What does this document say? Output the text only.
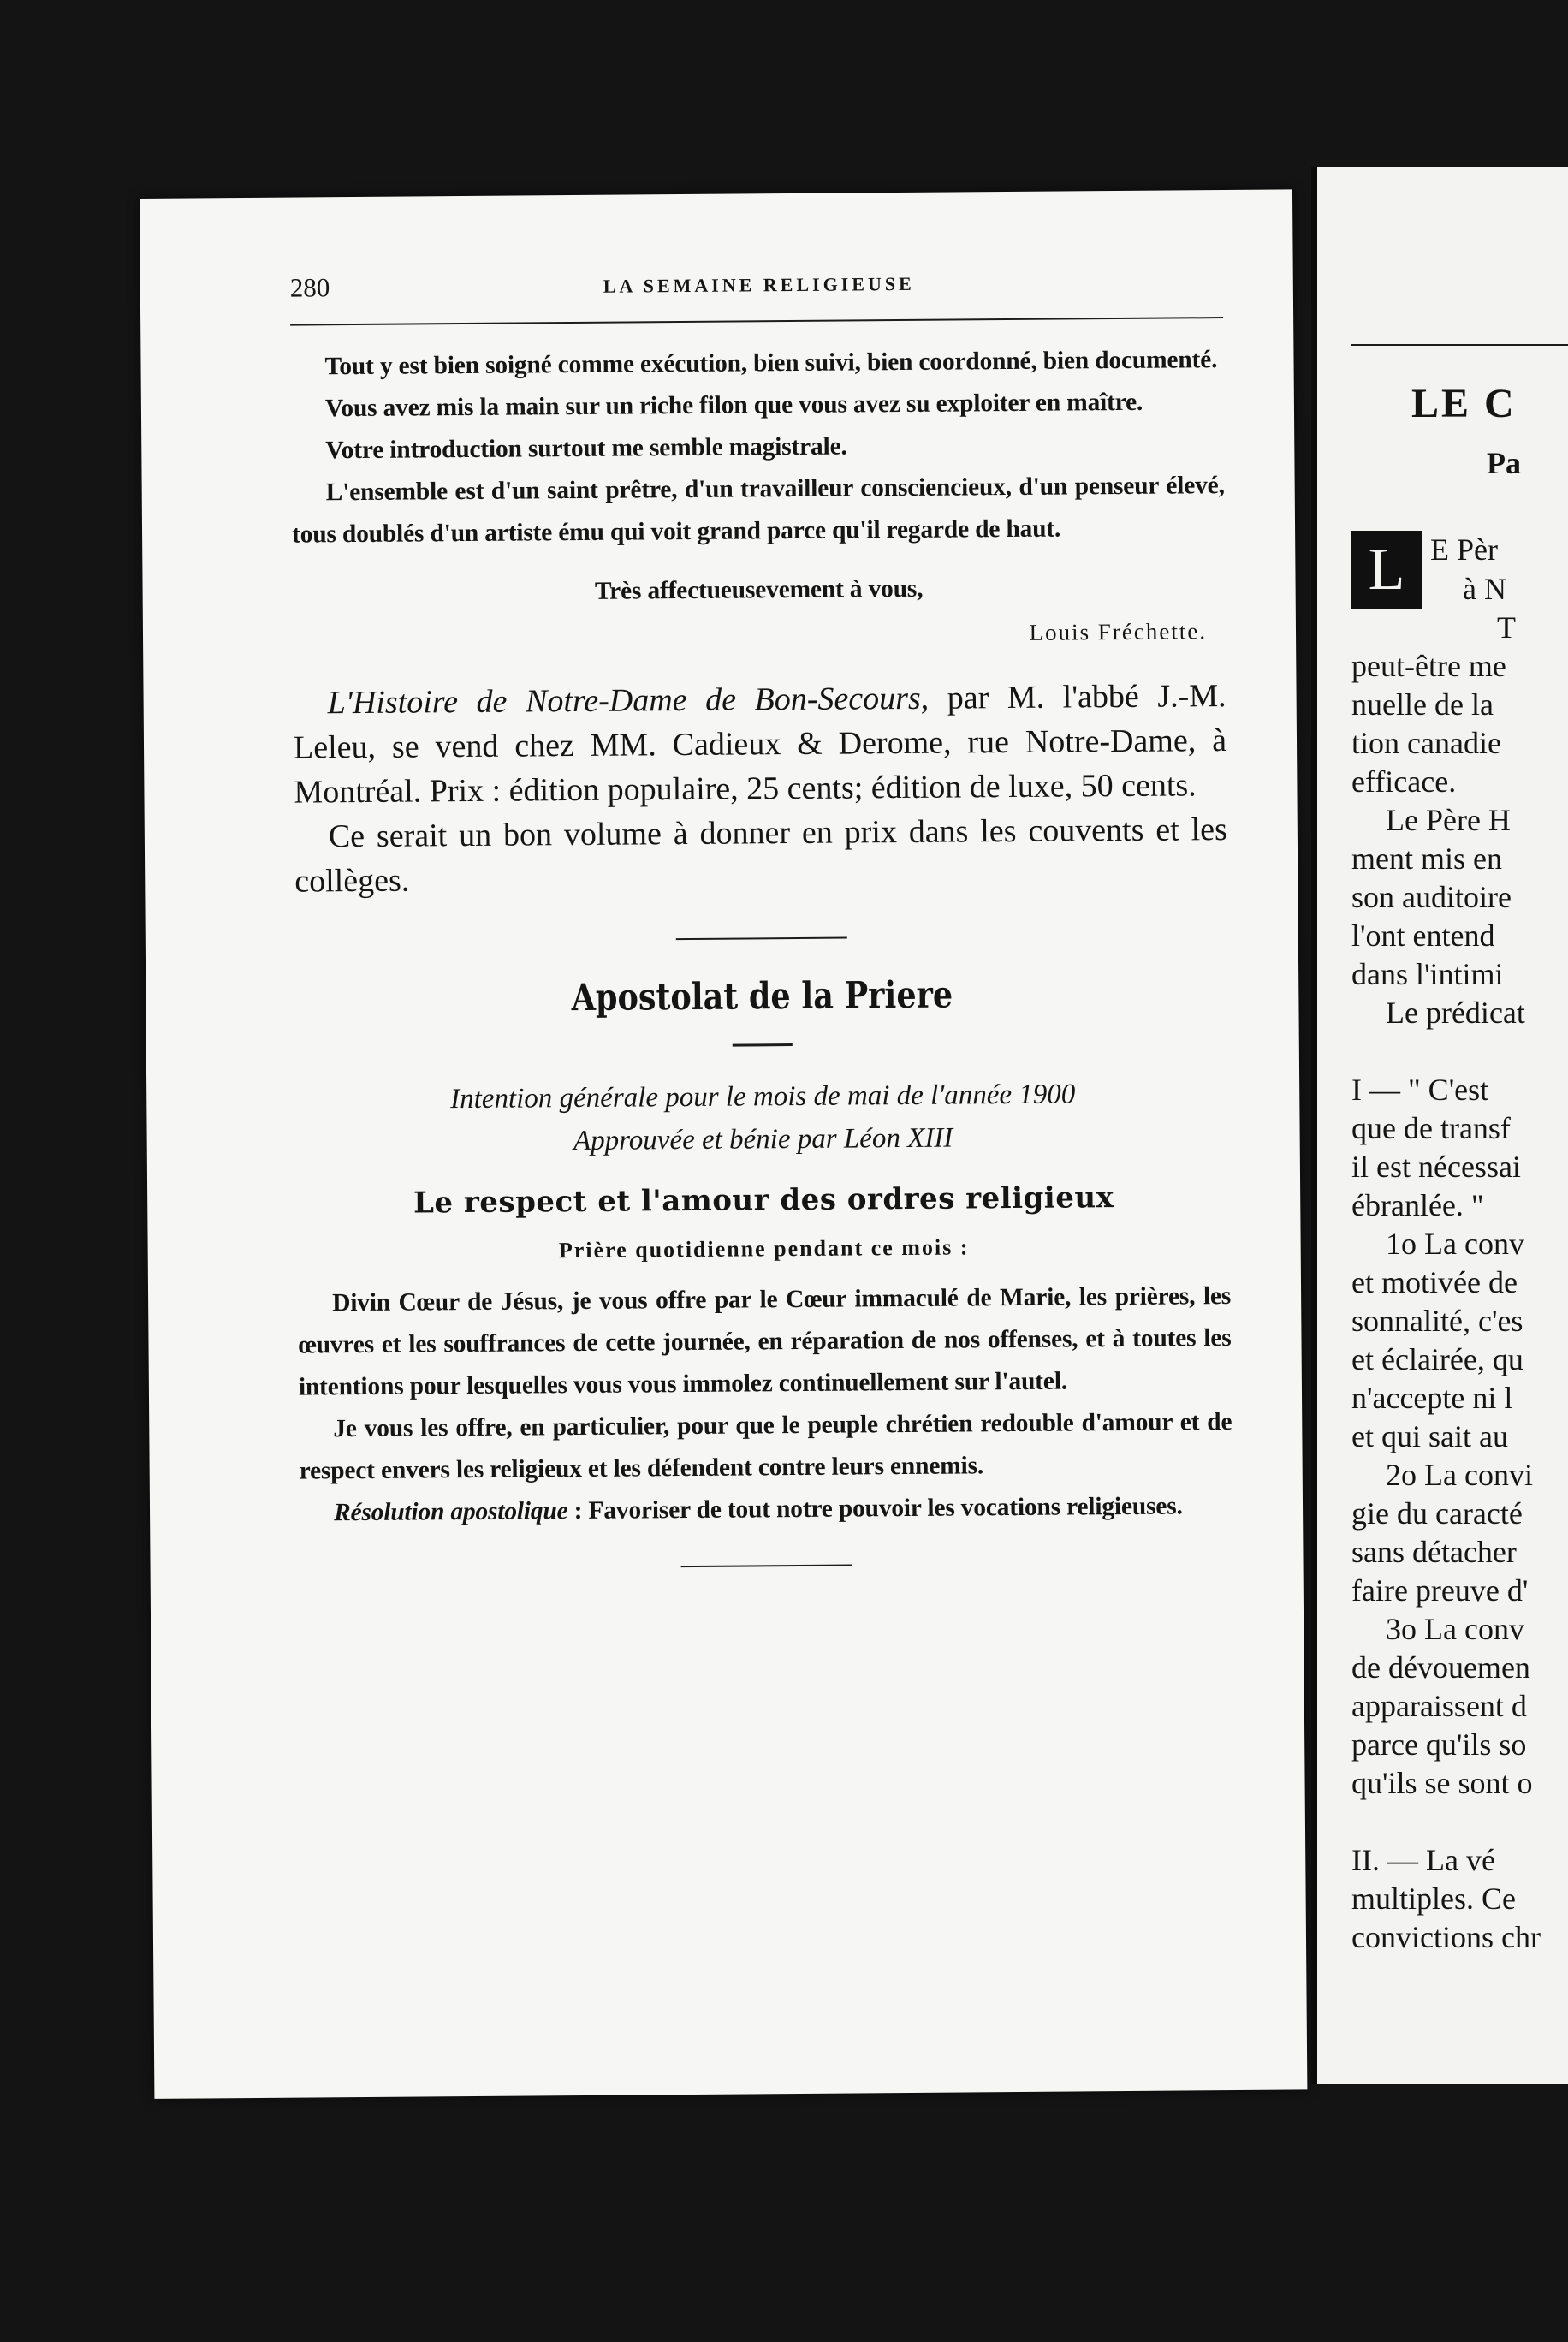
280	LA SEMAINE RELIGIEUSE

Tout y est bien soigné comme exécution, bien suivi, bien coordonné, bien documenté.

Vous avez mis la main sur un riche filon que vous avez su exploiter en maître.

Votre introduction surtout me semble magistrale.

L'ensemble est d'un saint prêtre, d'un travailleur consciencieux, d'un penseur élevé, tous doublés d'un artiste ému qui voit grand parce qu'il regarde de haut.

Très affectueusevement à vous,

Louis Fréchette.

L'Histoire de Notre-Dame de Bon-Secours, par M. l'abbé J.-M. Leleu, se vend chez MM. Cadieux & Derome, rue Notre-Dame, à Montréal. Prix : édition populaire, 25 cents; édition de luxe, 50 cents.

Ce serait un bon volume à donner en prix dans les couvents et les collèges.

Apostolat de la Priere

Intention générale pour le mois de mai de l'année 1900

Approuvée et bénie par Léon XIII

Le respect et l'amour des ordres religieux

Prière quotidienne pendant ce mois :

Divin Cœur de Jésus, je vous offre par le Cœur immaculé de Marie, les prières, les œuvres et les souffrances de cette journée, en réparation de nos offenses, et à toutes les intentions pour lesquelles vous vous immolez continuellement sur l'autel.

Je vous les offre, en particulier, pour que le peuple chrétien redouble d'amour et de respect envers les religieux et les défendent contre leurs ennemis.

Résolution apostolique : Favoriser de tout notre pouvoir les vocations religieuses.

LE C

Pa

L E Pèr

à N

T

peut-être me

nuelle de la

tion canadie

efficace.

Le Père H

ment mis en

son auditoire

l'ont entend

dans l'intimi

Le prédicat

I — " C'est

que de transf

il est nécessai

ébranlée. "

1o La conv

et motivée de

sonnalité, c'es

et éclairée, qu

n'accepte ni l

et qui sait au

2o La convi

gie du caracté

sans détacher

faire preuve d'

3o La conv

de dévouemen

apparaissent d

parce qu'ils so

qu'ils se sont o

II. — La vé

multiples. Ce

convictions chr
